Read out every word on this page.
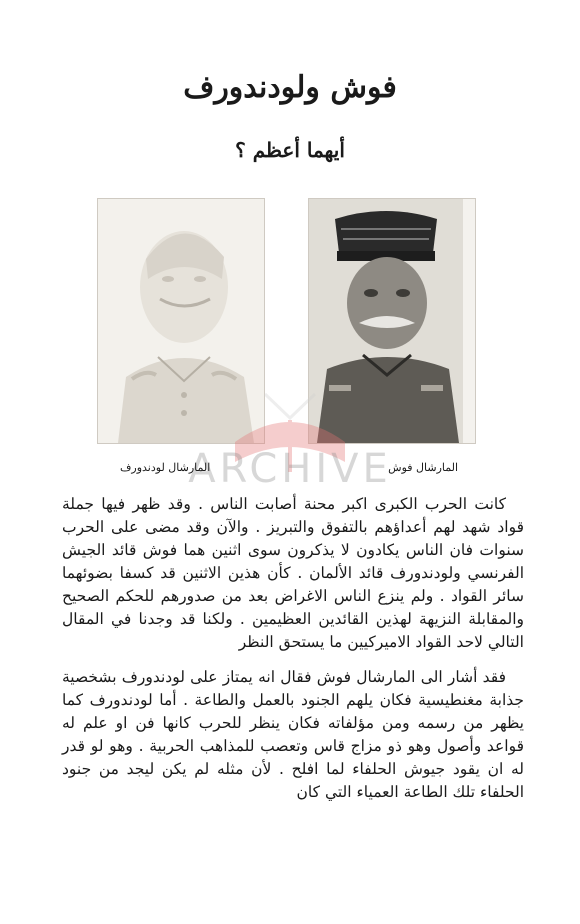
فوش ولودندورف
أيهما أعظم ؟
ARCHIVE
المارشال فوش
المارشال لودندورف

كانت الحرب الكبرى اكبر محنة أصابت الناس . وقد ظهر فيها جملة قواد شهد لهم أعداؤهم بالتفوق والتبريز . والآن وقد مضى على الحرب سنوات فان الناس يكادون لا يذكرون سوى اثنين هما فوش قائد الجيش الفرنسي ولودندورف قائد الألمان . كأن هذين الاثنين قد كسفا بضوئهما سائر القواد . ولم ينزع الناس الاغراض بعد من صدورهم للحكم الصحيح والمقابلة النزيهة لهذين القائدين العظيمين . ولكنا قد وجدنا في المقال التالي لاحد القواد الاميركيين ما يستحق النظر

فقد أشار الى المارشال فوش فقال انه يمتاز على لودندورف بشخصية جذابة مغنطيسية فكان يلهم الجنود بالعمل والطاعة . أما لودندورف كما يظهر من رسمه ومن مؤلفاته فكان ينظر للحرب كانها فن او علم له قواعد وأصول وهو ذو مزاج قاس وتعصب للمذاهب الحربية . وهو لو قدر له ان يقود جيوش الحلفاء لما افلح . لأن مثله لم يكن ليجد من جنود الحلفاء تلك الطاعة العمياء التي كان
